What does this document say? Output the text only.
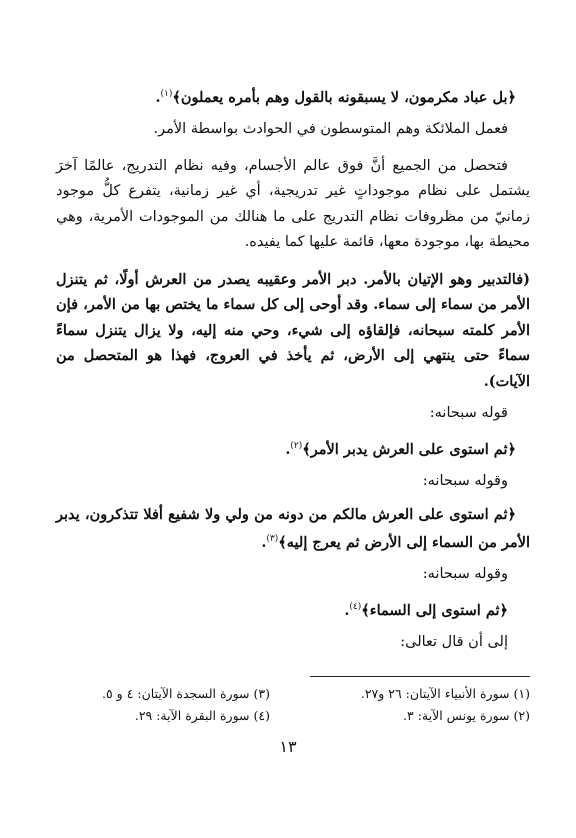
﴿بل عباد مكرمون، لا يسبقونه بالقول وهم بأمره يعملون﴾$^{(١)}$.

فعمل الملائكة وهم المتوسطون في الحوادث بواسطة الأمر.

فتحصل من الجميع أنَّ فوق عالم الأجسام، وفيه نظام التدريج، عالمًا آخرَ يشتمل على نظام موجوداتٍ غير تدريجية، أي غير زمانية، يتفرع كلُّ موجود زمانيّ من مظروفات نظام التدريج على ما هنالك من الموجودات الأمرية، وهي محيطة بها، موجودة معها، قائمة عليها كما يفيده.

(فالتدبير وهو الإتيان بالأمر. دبر الأمر وعقيبه يصدر من العرش أولًا، ثم يتنزل الأمر من سماء إلى سماء. وقد أوحى إلى كل سماء ما يختص بها من الأمر، فإن الأمر كلمته سبحانه، فإلقاؤه إلى شيء، وحي منه إليه، ولا يزال يتنزل سماءً سماءً حتى ينتهي إلى الأرض، ثم يأخذ في العروج، فهذا هو المتحصل من الآيات).

قوله سبحانه:

﴿ثم استوى على العرش يدبر الأمر﴾$^{(٢)}$.

وقوله سبحانه:

﴿ثم استوى على العرش مالكم من دونه من ولي ولا شفيع أفلا تتذكرون، يدبر الأمر من السماء إلى الأرض ثم يعرج إليه﴾$^{(٣)}$.

وقوله سبحانه:

﴿ثم استوى إلى السماء﴾$^{(٤)}$.

إلى أن قال تعالى:

(١) سورة الأنبياء الآيتان: ٢٦ و٢٧.
(٢) سورة يونس الآية: ٣.
(٣) سورة السجدة الآيتان: ٤ و ٥.
(٤) سورة البقرة الآية: ٢٩.
١٣
